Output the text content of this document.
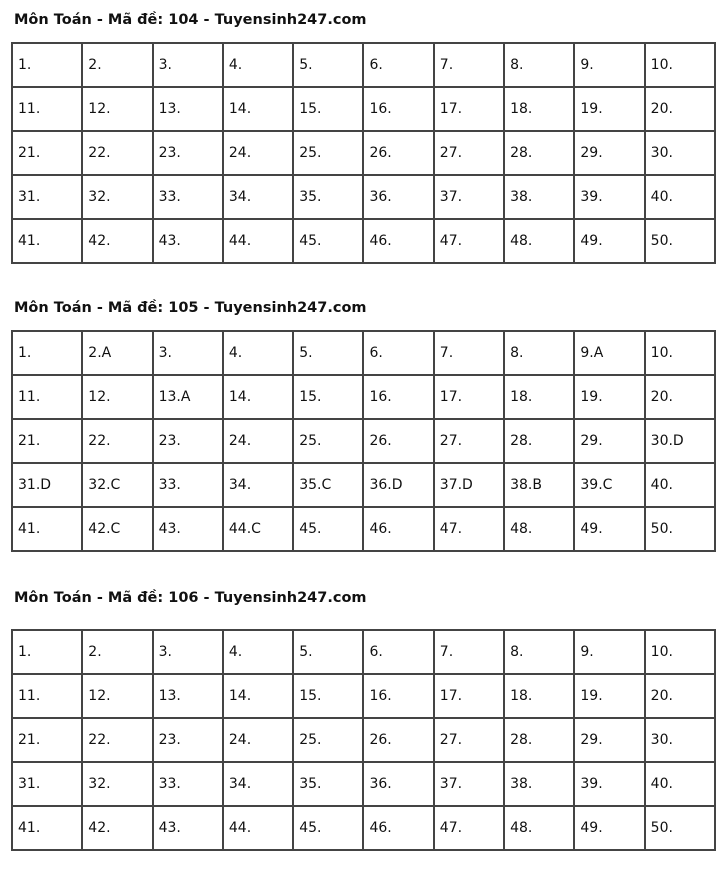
Môn Toán - Mã đề: 104 - Tuyensinh247.com
1.	2.	3.	4.	5.	6.	7.	8.	9.	10.
11.	12.	13.	14.	15.	16.	17.	18.	19.	20.
21.	22.	23.	24.	25.	26.	27.	28.	29.	30.
31.	32.	33.	34.	35.	36.	37.	38.	39.	40.
41.	42.	43.	44.	45.	46.	47.	48.	49.	50.
Môn Toán - Mã đề: 105 - Tuyensinh247.com
1.	2.A	3.	4.	5.	6.	7.	8.	9.A	10.
11.	12.	13.A	14.	15.	16.	17.	18.	19.	20.
21.	22.	23.	24.	25.	26.	27.	28.	29.	30.D
31.D	32.C	33.	34.	35.C	36.D	37.D	38.B	39.C	40.
41.	42.C	43.	44.C	45.	46.	47.	48.	49.	50.
Môn Toán - Mã đề: 106 - Tuyensinh247.com
1.	2.	3.	4.	5.	6.	7.	8.	9.	10.
11.	12.	13.	14.	15.	16.	17.	18.	19.	20.
21.	22.	23.	24.	25.	26.	27.	28.	29.	30.
31.	32.	33.	34.	35.	36.	37.	38.	39.	40.
41.	42.	43.	44.	45.	46.	47.	48.	49.	50.
